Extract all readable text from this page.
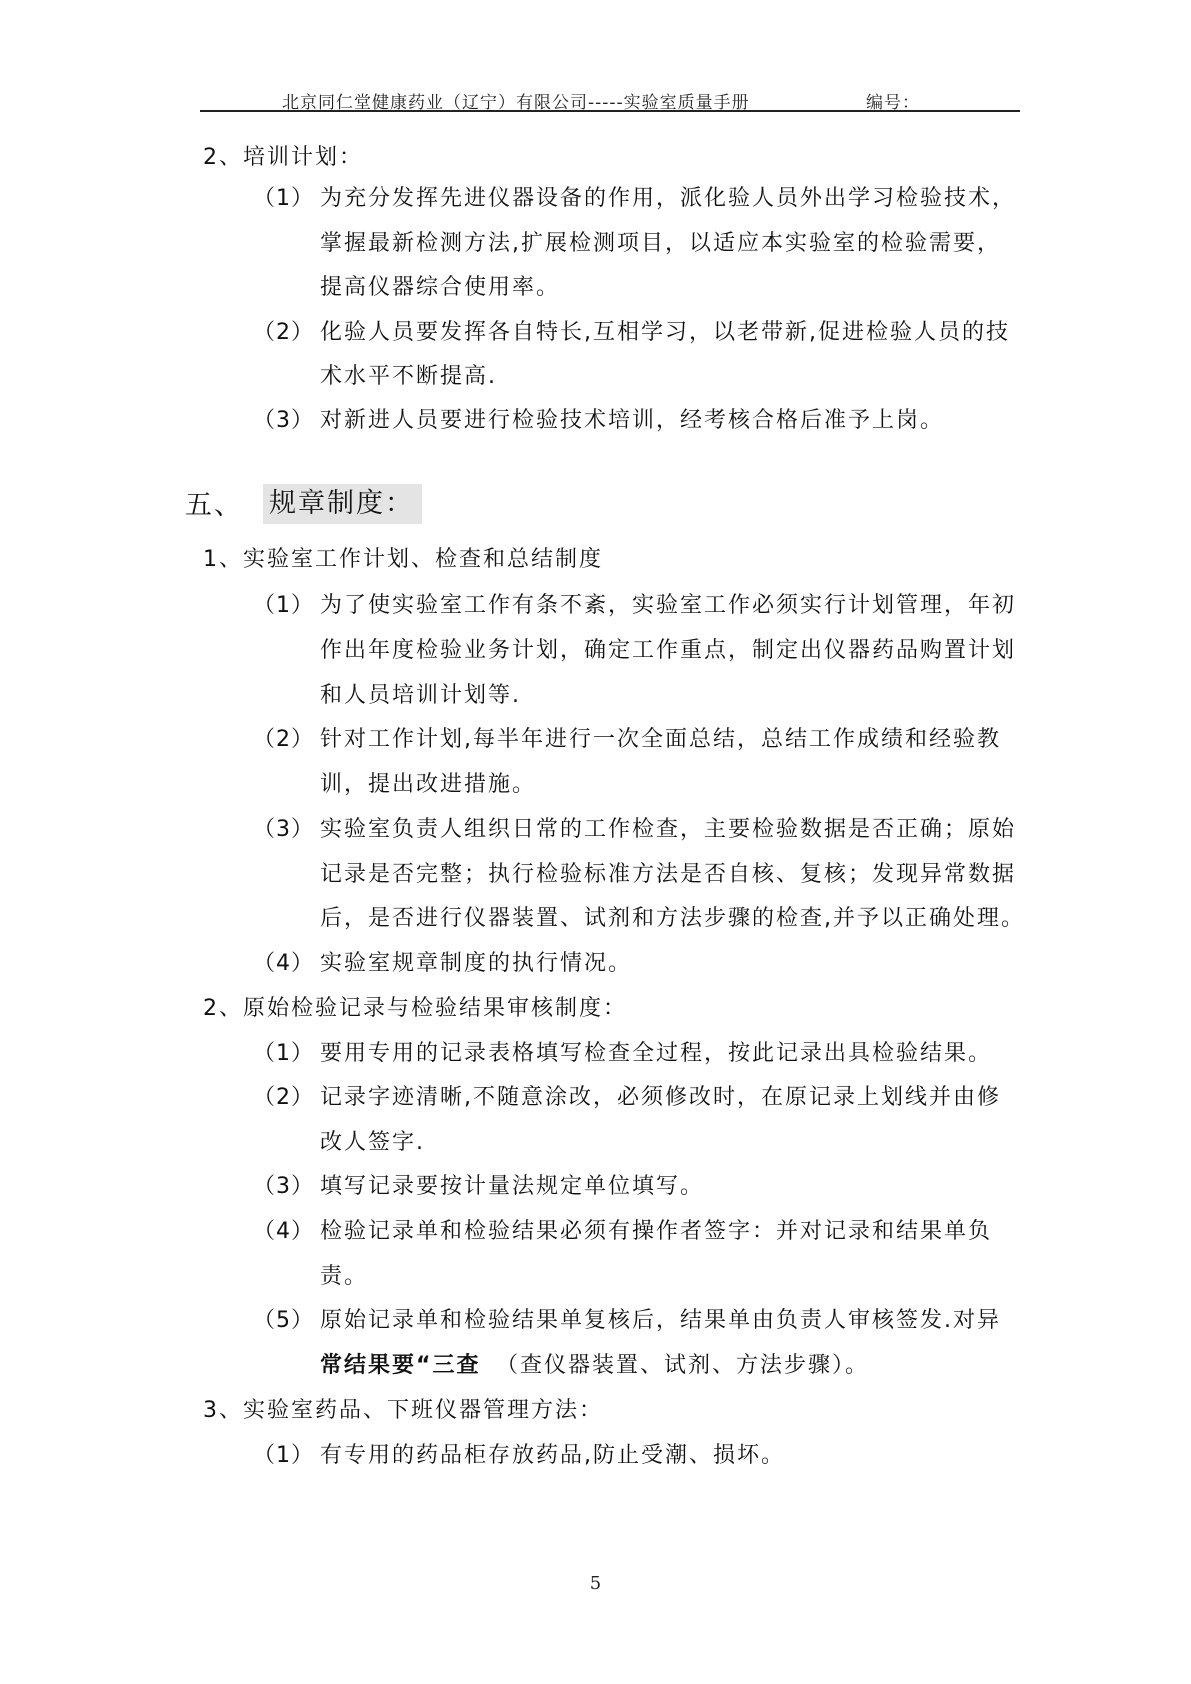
北京同仁堂健康药业（辽宁）有限公司-----实验室质量手册	编号：
2、培训计划：
（1） 为充分发挥先进仪器设备的作用，派化验人员外出学习检验技术，
掌握最新检测方法,扩展检测项目，以适应本实验室的检验需要，
提高仪器综合使用率。
（2） 化验人员要发挥各自特长,互相学习，以老带新,促进检验人员的技
术水平不断提高.
（3） 对新进人员要进行检验技术培训，经考核合格后准予上岗。
五、 规章制度：
1、实验室工作计划、检查和总结制度
（1） 为了使实验室工作有条不紊，实验室工作必须实行计划管理，年初
作出年度检验业务计划，确定工作重点，制定出仪器药品购置计划
和人员培训计划等.
（2） 针对工作计划,每半年进行一次全面总结，总结工作成绩和经验教
训，提出改进措施。
（3） 实验室负责人组织日常的工作检查，主要检验数据是否正确；原始
记录是否完整；执行检验标准方法是否自核、复核；发现异常数据
后，是否进行仪器装置、试剂和方法步骤的检查,并予以正确处理。
（4） 实验室规章制度的执行情况。
2、原始检验记录与检验结果审核制度：
（1） 要用专用的记录表格填写检查全过程，按此记录出具检验结果。
（2） 记录字迹清晰,不随意涂改，必须修改时，在原记录上划线并由修
改人签字.
（3） 填写记录要按计量法规定单位填写。
（4） 检验记录单和检验结果必须有操作者签字：并对记录和结果单负
责。
（5） 原始记录单和检验结果单复核后，结果单由负责人审核签发.对异
常结果要“三查 （查仪器装置、试剂、方法步骤）。
3、实验室药品、下班仪器管理方法：
（1） 有专用的药品柜存放药品,防止受潮、损坏。
5
